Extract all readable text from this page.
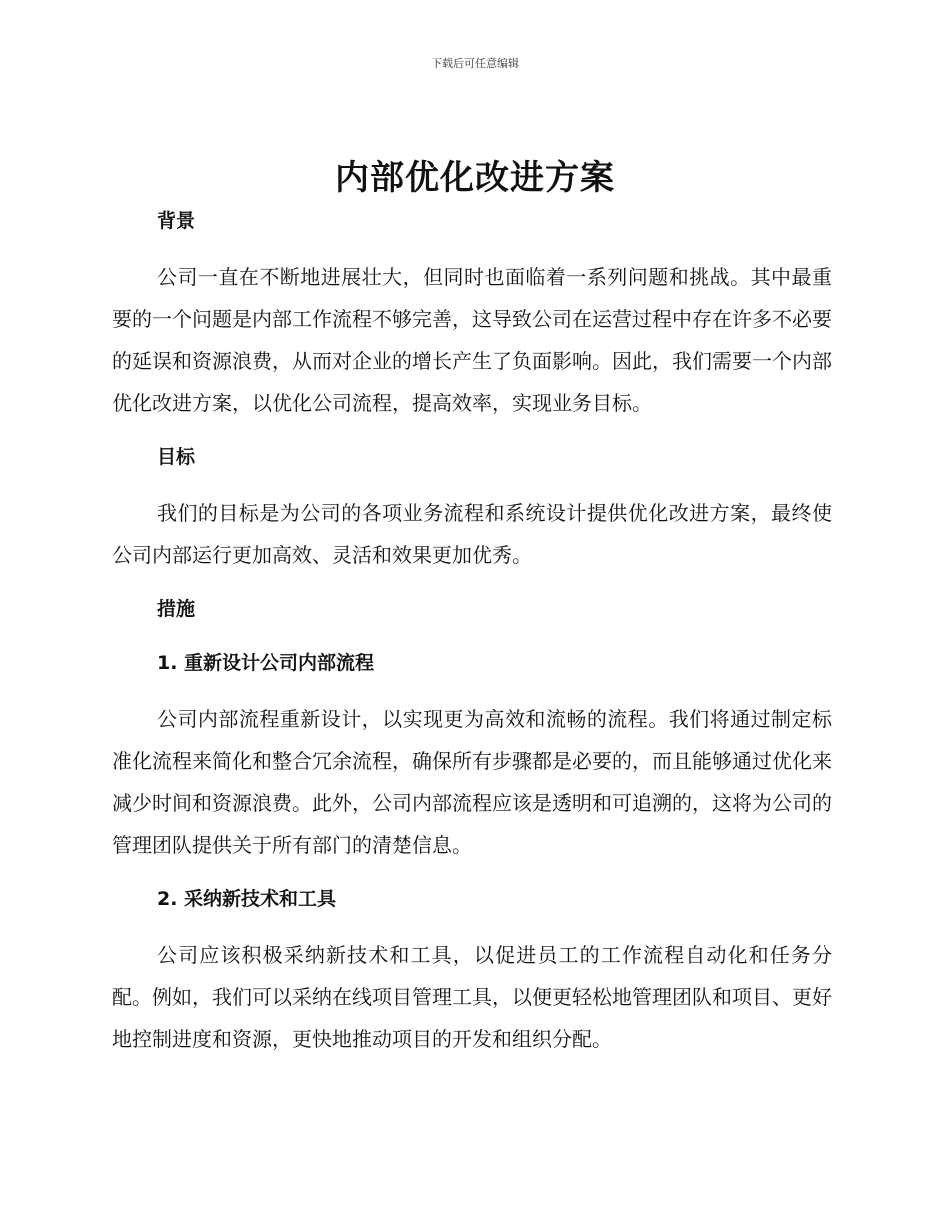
下载后可任意编辑
内部优化改进方案
背景

公司一直在不断地进展壮大，但同时也面临着一系列问题和挑战。其中最重要的一个问题是内部工作流程不够完善，这导致公司在运营过程中存在许多不必要的延误和资源浪费，从而对企业的增长产生了负面影响。因此，我们需要一个内部优化改进方案，以优化公司流程，提高效率，实现业务目标。

目标

我们的目标是为公司的各项业务流程和系统设计提供优化改进方案，最终使公司内部运行更加高效、灵活和效果更加优秀。

措施
1. 重新设计公司内部流程

公司内部流程重新设计，以实现更为高效和流畅的流程。我们将通过制定标准化流程来简化和整合冗余流程，确保所有步骤都是必要的，而且能够通过优化来减少时间和资源浪费。此外，公司内部流程应该是透明和可追溯的，这将为公司的管理团队提供关于所有部门的清楚信息。

2. 采纳新技术和工具

公司应该积极采纳新技术和工具，以促进员工的工作流程自动化和任务分配。例如，我们可以采纳在线项目管理工具，以便更轻松地管理团队和项目、更好地控制进度和资源，更快地推动项目的开发和组织分配。
